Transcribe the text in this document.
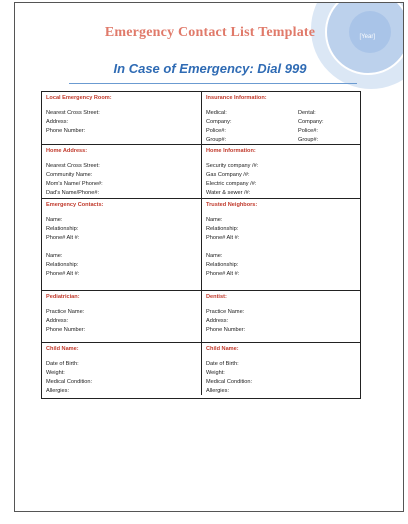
[Year]
Emergency Contact List Template
In Case of Emergency: Dial 999
Local Emergency Room:
Nearest Cross Street:
Address:
Phone Number:
Insurance Information:
Medical:
Company:
Police#:
Group#:
Dental:
Company:
Police#:
Group#:
Home Address:
Nearest Cross Street:
Community Name:
Mom's Name/ Phone#:
Dad's Name/Phone#:
Home Information:
Security company /#:
Gas Company /#:
Electric company /#:
Water & sewer /#:
Emergency Contacts:
Name:
Relationship:
Phone# Alt #:
Name:
Relationship:
Phone# Alt #:
Trusted Neighbors:
Name:
Relationship:
Phone# Alt #:
Name:
Relationship:
Phone# Alt #:
Pediatrician:
Practice Name:
Address:
Phone Number:
Dentist:
Practice Name:
Address:
Phone Number:
Child Name:
Date of Birth:
Weight:
Medical Condition:
Allergies:
Child Name:
Date of Birth:
Weight:
Medical Condition:
Allergies:
